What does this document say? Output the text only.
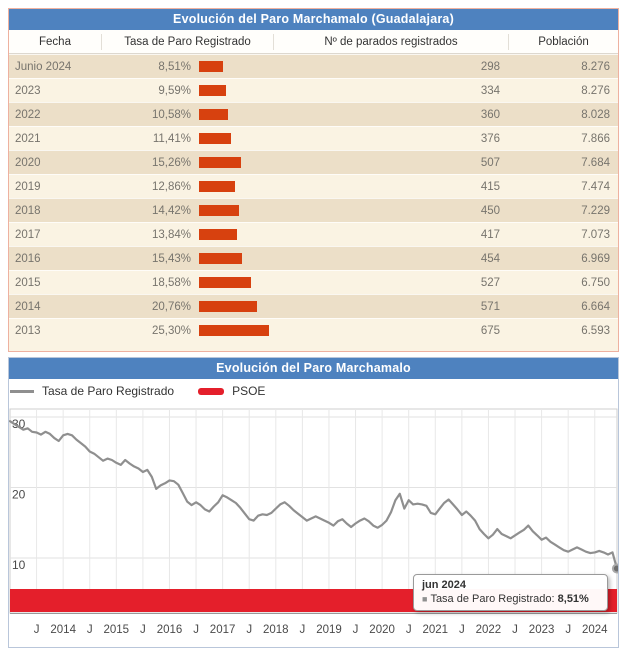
Evolución del Paro Marchamalo (Guadalajara)
Fecha	Tasa de Paro Registrado	Nº de parados registrados	Población
Junio 2024	8,51%	298	8.276
2023	9,59%	334	8.276
2022	10,58%	360	8.028
2021	11,41%	376	7.866
2020	15,26%	507	7.684
2019	12,86%	415	7.474
2018	14,42%	450	7.229
2017	13,84%	417	7.073
2016	15,43%	454	6.969
2015	18,58%	527	6.750
2014	20,76%	571	6.664
2013	25,30%	675	6.593
Evolución del Paro Marchamalo
Tasa de Paro Registrado	PSOE
10
20
30
J 2014 J 2015 J 2016 J 2017 J 2018 J 2019 J 2020 J 2021 J 2022 J 2023 J 2024
jun 2024
■ Tasa de Paro Registrado: 8,51%
